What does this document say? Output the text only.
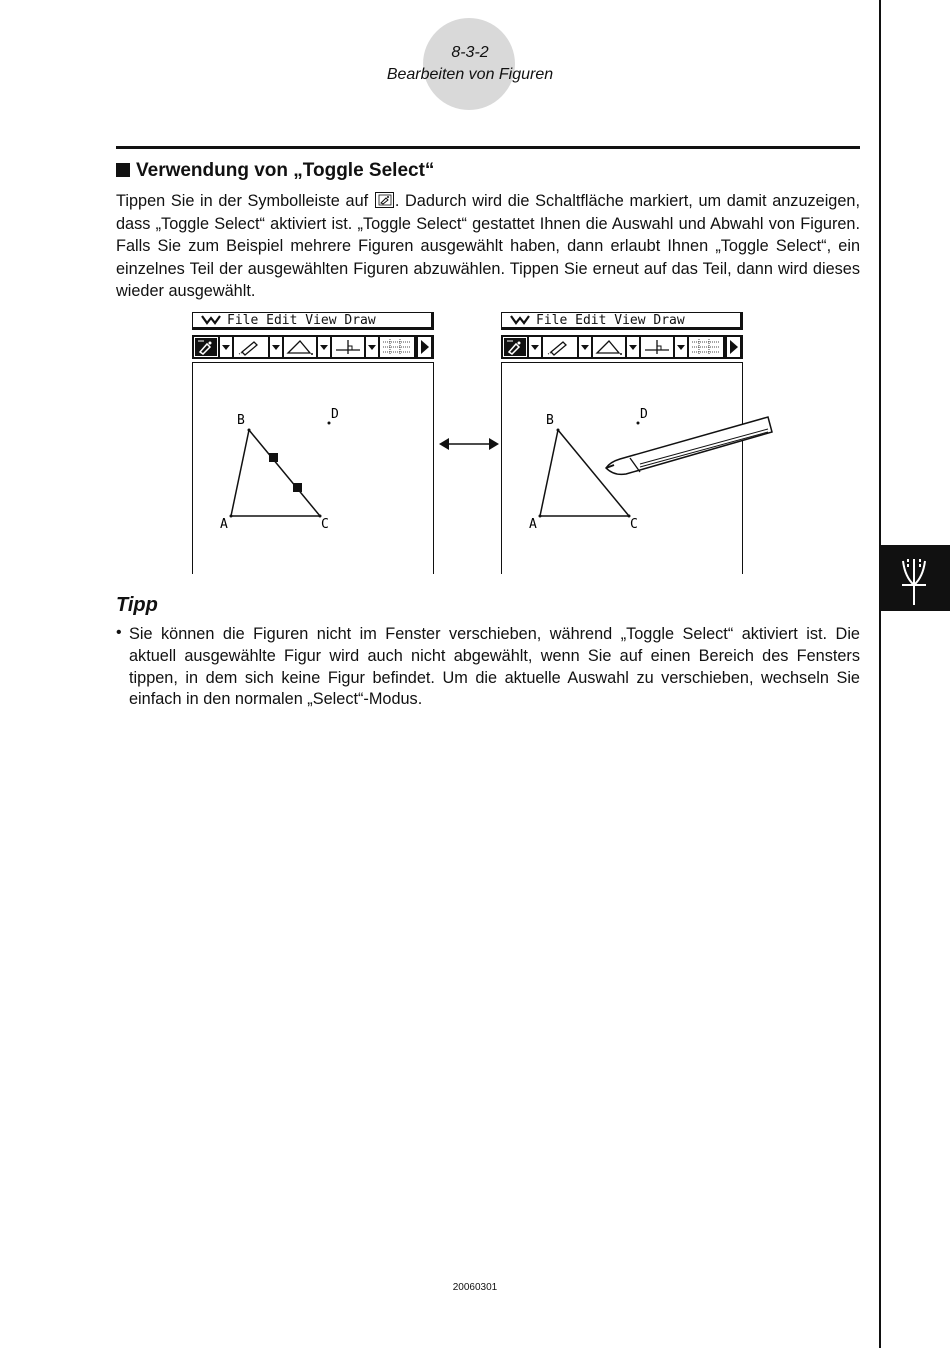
8-3-2
Bearbeiten von Figuren
Verwendung von „Toggle Select“
Tippen Sie in der Symbolleiste auf . Dadurch wird die Schaltfläche markiert, um damit anzuzeigen, dass „Toggle Select“ aktiviert ist. „Toggle Select“ gestattet Ihnen die Auswahl und Abwahl von Figuren. Falls Sie zum Beispiel mehrere Figuren ausgewählt haben, dann erlaubt Ihnen „Toggle Select“, ein einzelnes Teil der ausgewählten Figuren abzuwählen. Tippen Sie erneut auf das Teil, dann wird dieses wieder ausgewählt.
File Edit View Draw
B
A	C
D
File Edit View Draw
B
A	C
D
Tipp
• Sie können die Figuren nicht im Fenster verschieben, während „Toggle Select“ aktiviert ist. Die aktuell ausgewählte Figur wird auch nicht abgewählt, wenn Sie auf einen Bereich des Fensters tippen, in dem sich keine Figur befindet. Um die aktuelle Auswahl zu verschieben, wechseln Sie einfach in den normalen „Select“-Modus.
20060301
